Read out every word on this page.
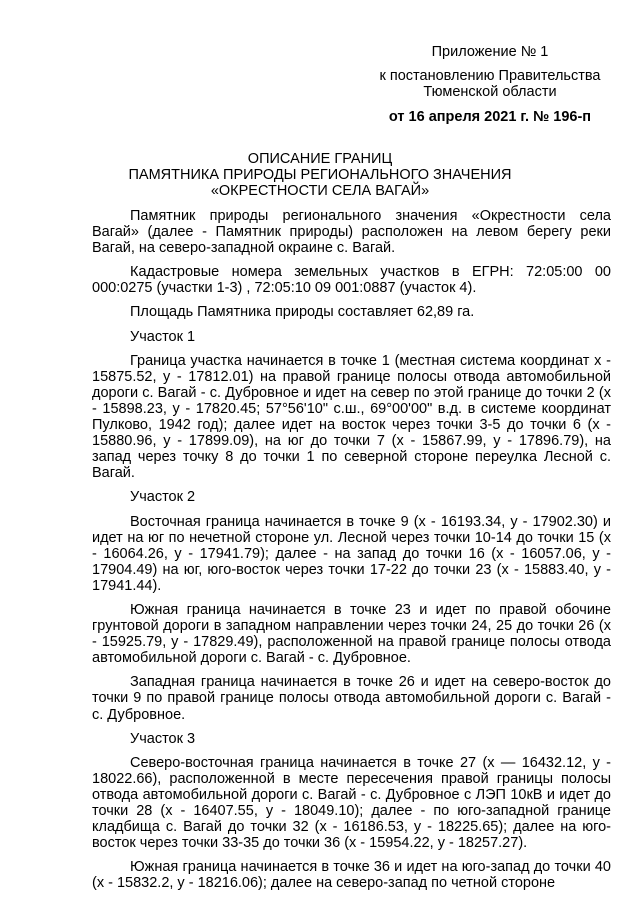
Приложение № 1
к постановлению Правительства
Тюменской области
от 16 апреля 2021 г. № 196-п
ОПИСАНИЕ ГРАНИЦ
ПАМЯТНИКА ПРИРОДЫ РЕГИОНАЛЬНОГО ЗНАЧЕНИЯ
«ОКРЕСТНОСТИ СЕЛА ВАГАЙ»

Памятник природы регионального значения «Окрестности села Вагай» (далее - Памятник природы) расположен на левом берегу реки Вагай, на северо-западной окраине с. Вагай.

Кадастровые номера земельных участков в ЕГРН: 72:05:00 00 000:0275 (участки 1-3) , 72:05:10 09 001:0887 (участок 4).

Площадь Памятника природы составляет 62,89 га.

Участок 1

Граница участка начинается в точке 1 (местная система координат х - 15875.52, у - 17812.01) на правой границе полосы отвода автомобильной дороги с. Вагай - с. Дубровное и идет на север по этой границе до точки 2 (х - 15898.23, у - 17820.45; 57°56'10" с.ш., 69°00'00" в.д. в системе координат Пулково, 1942 год); далее идет на восток через точки 3-5 до точки 6 (х - 15880.96, у - 17899.09), на юг до точки 7 (х - 15867.99, у - 17896.79), на запад через точку 8 до точки 1 по северной стороне переулка Лесной с. Вагай.

Участок 2

Восточная граница начинается в точке 9 (х - 16193.34, у - 17902.30) и идет на юг по нечетной стороне ул. Лесной через точки 10-14 до точки 15 (х - 16064.26, у - 17941.79); далее - на запад до точки 16 (х - 16057.06, у - 17904.49) на юг, юго-восток через точки 17-22 до точки 23 (х - 15883.40, у - 17941.44).

Южная граница начинается в точке 23 и идет по правой обочине грунтовой дороги в западном направлении через точки 24, 25 до точки 26 (х - 15925.79, у - 17829.49), расположенной на правой границе полосы отвода автомобильной дороги с. Вагай - с. Дубровное.

Западная граница начинается в точке 26 и идет на северо-восток до точки 9 по правой границе полосы отвода автомобильной дороги с. Вагай - с. Дубровное.

Участок 3

Северо-восточная граница начинается в точке 27 (х — 16432.12, у - 18022.66), расположенной в месте пересечения правой границы полосы отвода автомобильной дороги с. Вагай - с. Дубровное с ЛЭП 10кВ и идет до точки 28 (х - 16407.55, у - 18049.10); далее - по юго-западной границе кладбища с. Вагай до точки 32 (х - 16186.53, у - 18225.65); далее на юго-восток через точки 33-35 до точки 36 (х - 15954.22, у - 18257.27).

Южная граница начинается в точке 36 и идет на юго-запад до точки 40 (х - 15832.2, у - 18216.06); далее на северо-запад по четной стороне
